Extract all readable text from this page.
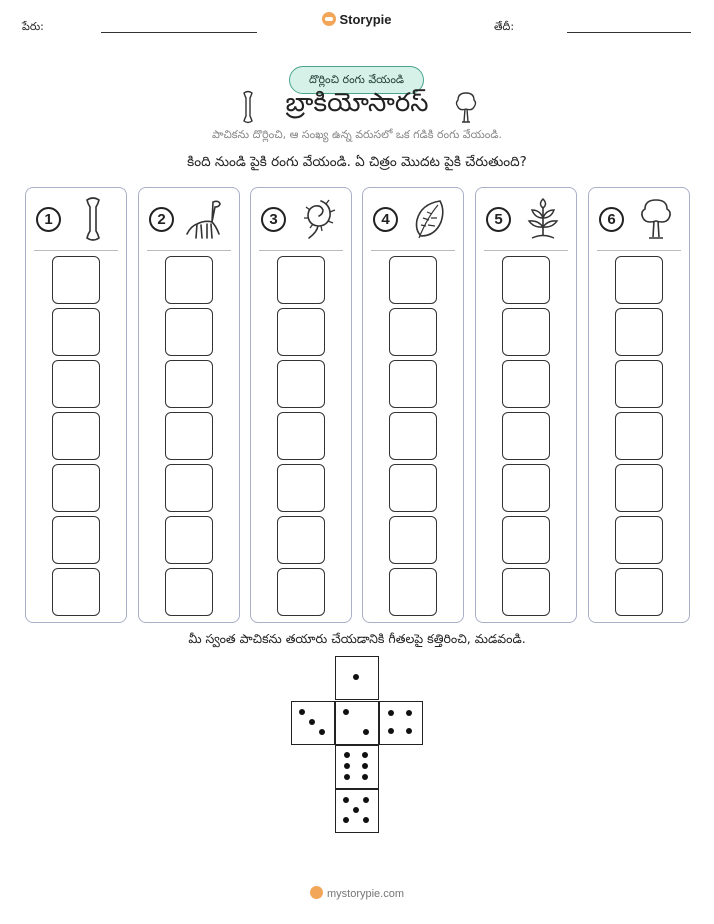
పేరు:	Storypie	తేదీ:
దొర్లించి రంగు వేయండి
బ్రాకియోసారస్
పాచికను దొర్లించి, ఆ సంఖ్య ఉన్న వరుసలో ఒక గడికి రంగు వేయండి.
కింది నుండి పైకి రంగు వేయండి. ఏ చిత్రం మొదట పైకి చేరుతుంది?
1	2	3	4	5	6
మీ స్వంత పాచికను తయారు చేయడానికి గీతలపై కత్తిరించి, మడవండి.
mystorypie.com
